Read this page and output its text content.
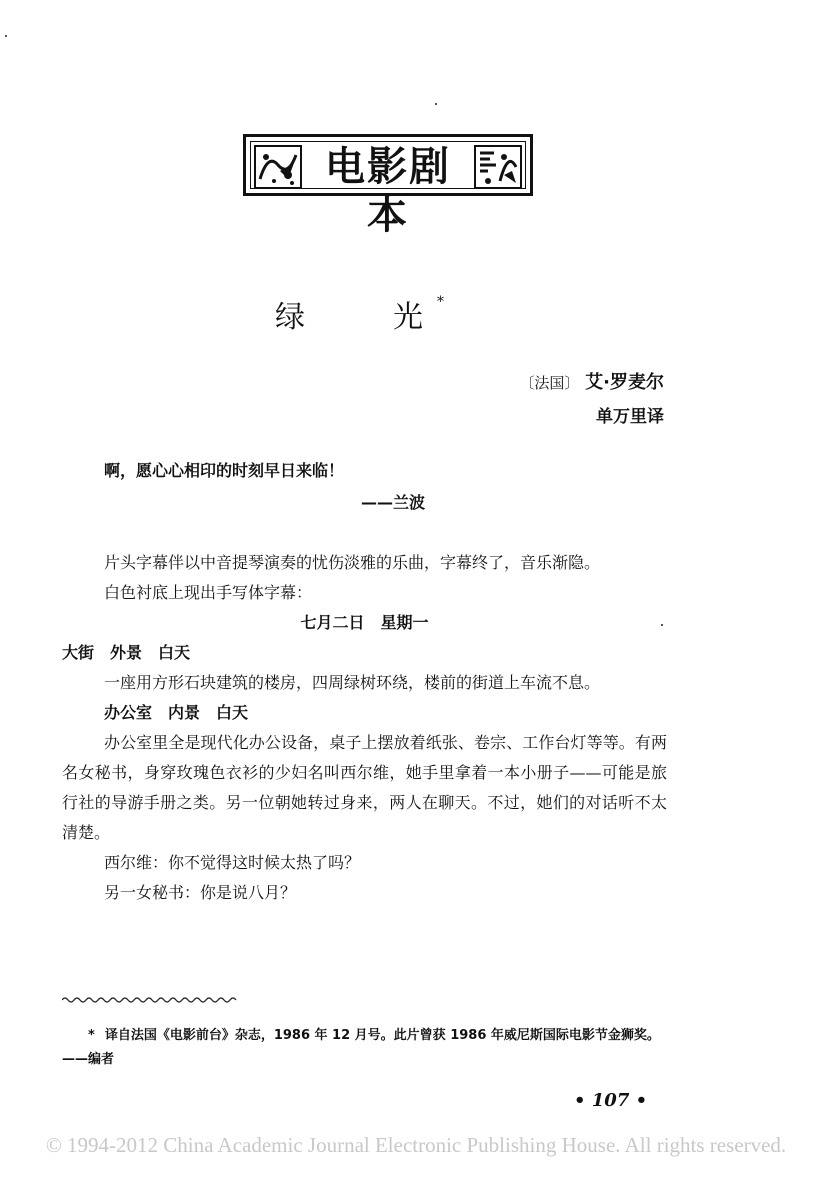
电影剧本
绿	光 *
〔法国〕 艾·罗麦尔
单万里译
啊，愿心心相印的时刻早日来临！
——兰波

片头字幕伴以中音提琴演奏的忧伤淡雅的乐曲，字幕终了，音乐渐隐。

白色衬底上现出手写体字幕：

七月二日　星期一

大街　外景　白天

一座用方形石块建筑的楼房，四周绿树环绕，楼前的街道上车流不息。

办公室　内景　白天

办公室里全是现代化办公设备，桌子上摆放着纸张、卷宗、工作台灯等等。有两名女秘书，身穿玫瑰色衣衫的少妇名叫西尔维，她手里拿着一本小册子——可能是旅行社的导游手册之类。另一位朝她转过身来，两人在聊天。不过，她们的对话听不太清楚。

西尔维：你不觉得这时候太热了吗？

另一女秘书：你是说八月？

* 译自法国《电影前台》杂志，1986 年 12 月号。此片曾获 1986 年威尼斯国际电影节金狮奖。——编者

• 107 •
© 1994-2012 China Academic Journal Electronic Publishing House. All rights reserved.
